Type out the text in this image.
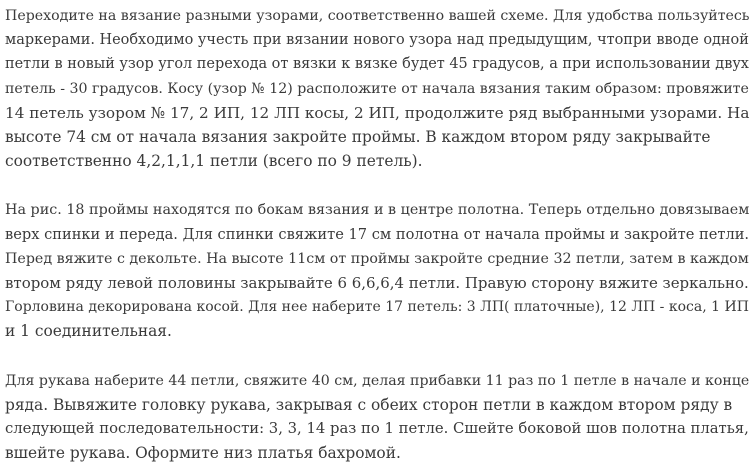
Переходите на вязание разными узорами, соответственно вашей схеме. Для удобства пользуйтесь
маркерами. Необходимо учесть при вязании нового узора над предыдущим, чтопри вводе одной
петли в новый узор угол перехода от вязки к вязке будет 45 градусов, а при использовании двух
петель - 30 градусов. Косу (узор № 12) расположите от начала вязания таким образом: провяжите
14 петель узором № 17, 2 ИП, 12 ЛП косы, 2 ИП, продолжите ряд выбранными узорами. На
высоте 74 см от начала вязания закройте проймы. В каждом втором ряду закрывайте
соответственно 4,2,1,1,1 петли (всего по 9 петель).

На рис. 18 проймы находятся по бокам вязания и в центре полотна. Теперь отдельно довязываем
верх спинки и переда. Для спинки свяжите 17 см полотна от начала проймы и закройте петли.
Перед вяжите с декольте. На высоте 11см от проймы закройте средние 32 петли, затем в каждом
втором ряду левой половины закрывайте 6 6,6,6,4 петли. Правую сторону вяжите зеркально.
Горловина декорирована косой. Для нее наберите 17 петель: 3 ЛП( платочные), 12 ЛП - коса, 1 ИП
и 1 соединительная.

Для рукава наберите 44 петли, свяжите 40 см, делая прибавки 11 раз по 1 петле в начале и конце
ряда. Вывяжите головку рукава, закрывая с обеих сторон петли в каждом втором ряду в
следующей последовательности: 3, 3, 14 раз по 1 петле. Сшейте боковой шов полотна платья,
вшейте рукава. Оформите низ платья бахромой.
